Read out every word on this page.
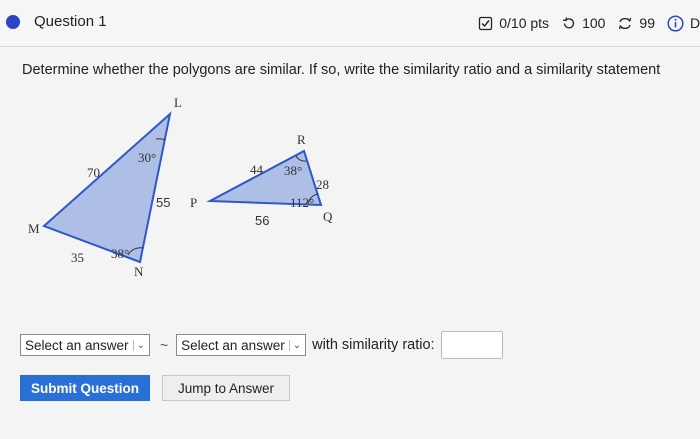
Question 1	0/10 pts 100 99	D
Determine whether the polygons are similar. If so, write the similarity ratio and a similarity statement
L
M
N
70
55
35
30°
38°
R
P
Q
44
28
56
38°
112°
Select an answer ⌄ ~ Select an answer ⌄ with similarity ratio:
Submit Question	Jump to Answer
